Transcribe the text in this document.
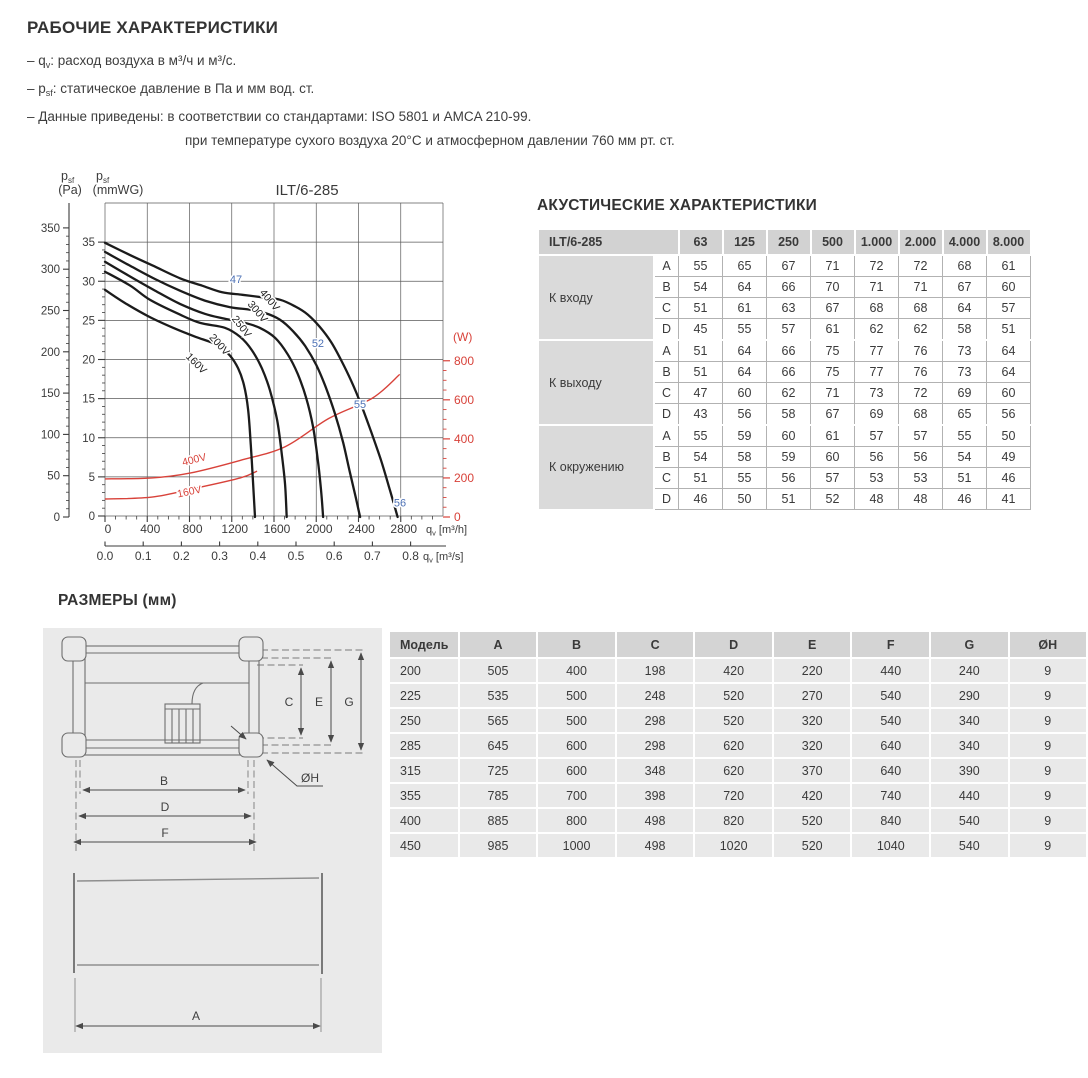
РАБОЧИЕ ХАРАКТЕРИСТИКИ
– $q_v$: расход воздуха в м³/ч и м³/с.
– $p_{sf}$: статическое давление в Па и мм вод. ст.
– Данные приведены: в соответствии со стандартами: ISO 5801 и AMCA 210-99.
при температуре сухого воздуха 20°C и атмосферном давлении 760 мм рт. ст.
ILT/6-285
0
50
100
150
200
250
300
350
0
5
10
15
20
25
30
35
$p_{sf}$ $p_{sf}$
(Pa) (mmWG)
0
200
400
600
800
(W)
0 400 800 1200 1600 2000 2400 2800 $q_v$ [m³/h]
0.0 0.1 0.2 0.3 0.4 0.5 0.6 0.7 0.8 $q_v$ [m³/s]
400V
160V
400V
300V
250V
200V
160V
47
52
55
56
АКУСТИЧЕСКИЕ ХАРАКТЕРИСТИКИ
ILT/6-285		63	125	250	500	1.000	2.000	4.000	8.000
К входу	A	55	65	67	71	72	72	68	61
	B	54	64	66	70	71	71	67	60
	C	51	61	63	67	68	68	64	57
	D	45	55	57	61	62	62	58	51
К выходу	A	51	64	66	75	77	76	73	64
	B	51	64	66	75	77	76	73	64
	C	47	60	62	71	73	72	69	60
	D	43	56	58	67	69	68	65	56
К окружению	A	55	59	60	61	57	57	55	50
	B	54	58	59	60	56	56	54	49
	C	51	55	56	57	53	53	51	46
	D	46	50	51	52	48	48	46	41
РАЗМЕРЫ (мм)
C E G
B
D
F
ØH
A
Модель	A	B	C	D	E	F	G	ØH
200	505	400	198	420	220	440	240	9
225	535	500	248	520	270	540	290	9
250	565	500	298	520	320	540	340	9
285	645	600	298	620	320	640	340	9
315	725	600	348	620	370	640	390	9
355	785	700	398	720	420	740	440	9
400	885	800	498	820	520	840	540	9
450	985	1000	498	1020	520	1040	540	9
